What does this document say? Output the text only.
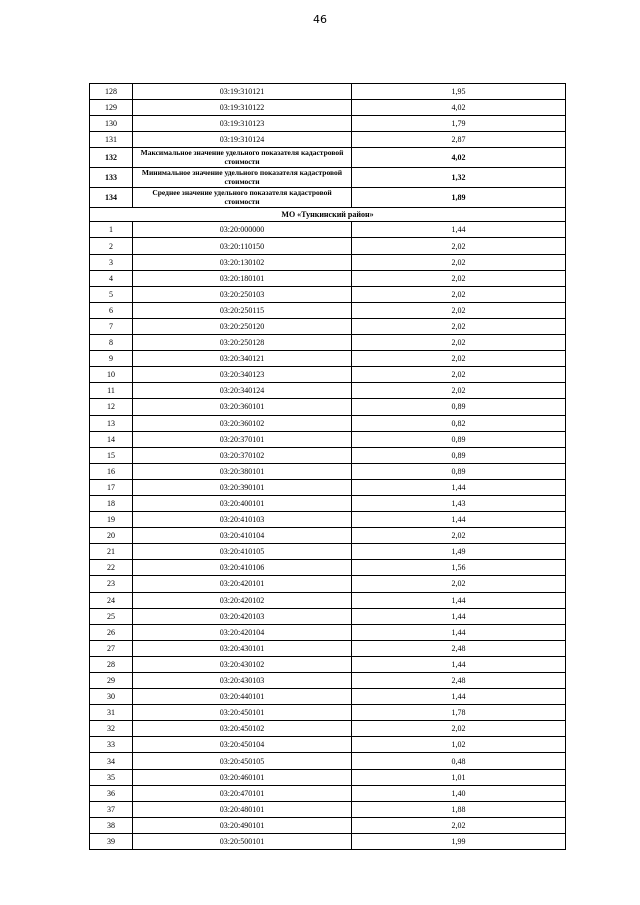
46
128	03:19:310121	1,95
129	03:19:310122	4,02
130	03:19:310123	1,79
131	03:19:310124	2,87
132	Максимальное значение удельного показателя кадастровой стоимости	4,02
133	Минимальное значение удельного показателя кадастровой стоимости	1,32
134	Среднее значение удельного показателя кадастровой стоимости	1,89
МО «Тункинский район»		
1	03:20:000000	1,44
2	03:20:110150	2,02
3	03:20:130102	2,02
4	03:20:180101	2,02
5	03:20:250103	2,02
6	03:20:250115	2,02
7	03:20:250120	2,02
8	03:20:250128	2,02
9	03:20:340121	2,02
10	03:20:340123	2,02
11	03:20:340124	2,02
12	03:20:360101	0,89
13	03:20:360102	0,82
14	03:20:370101	0,89
15	03:20:370102	0,89
16	03:20:380101	0,89
17	03:20:390101	1,44
18	03:20:400101	1,43
19	03:20:410103	1,44
20	03:20:410104	2,02
21	03:20:410105	1,49
22	03:20:410106	1,56
23	03:20:420101	2,02
24	03:20:420102	1,44
25	03:20:420103	1,44
26	03:20:420104	1,44
27	03:20:430101	2,48
28	03:20:430102	1,44
29	03:20:430103	2,48
30	03:20:440101	1,44
31	03:20:450101	1,78
32	03:20:450102	2,02
33	03:20:450104	1,02
34	03:20:450105	0,48
35	03:20:460101	1,01
36	03:20:470101	1,40
37	03:20:480101	1,88
38	03:20:490101	2,02
39	03:20:500101	1,99
